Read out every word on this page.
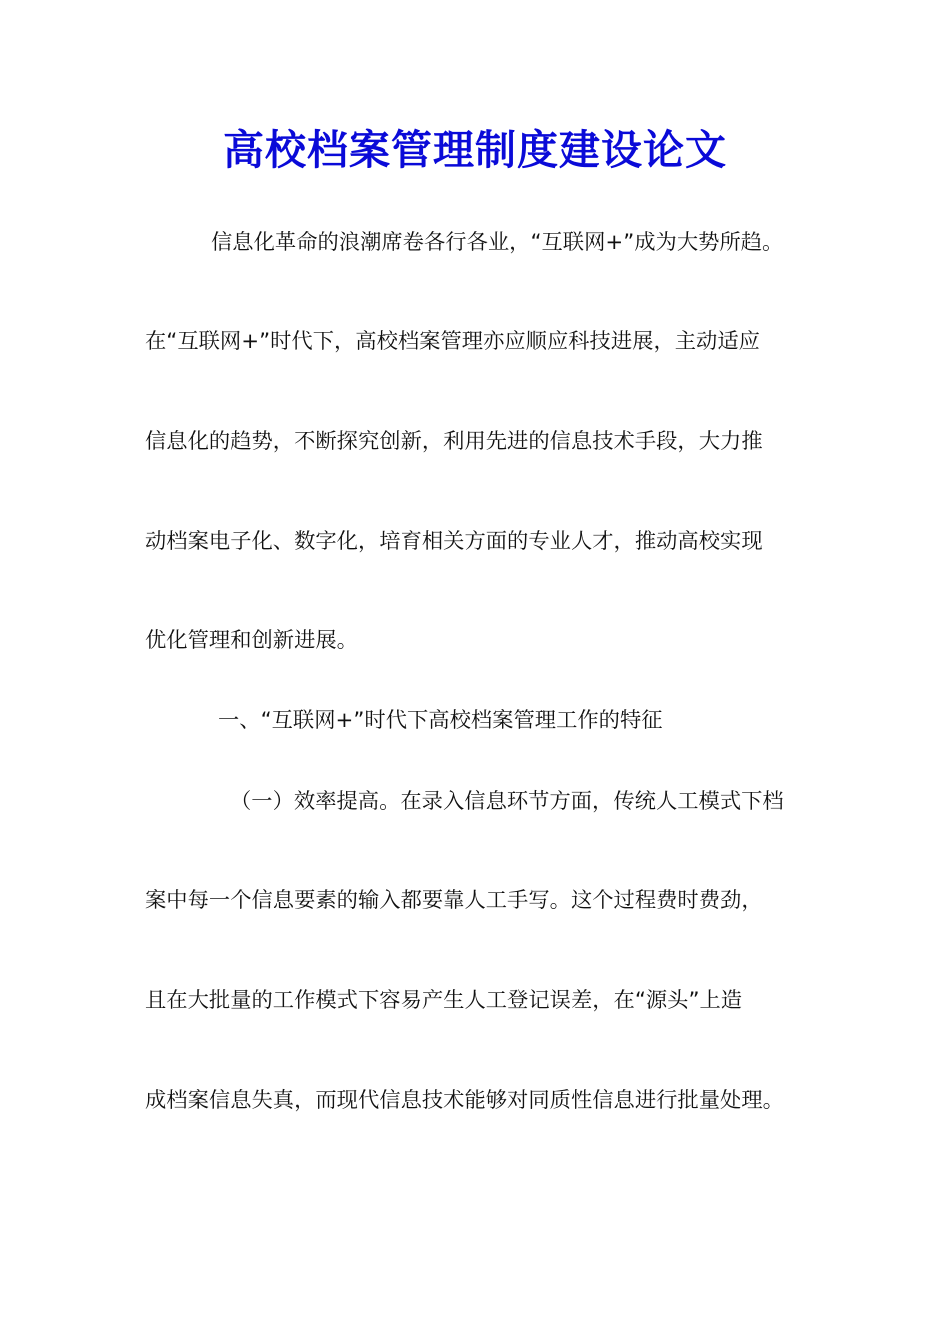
高校档案管理制度建设论文
信息化革命的浪潮席卷各行各业，“互联网+”成为大势所趋。
在“互联网+”时代下，高校档案管理亦应顺应科技进展，主动适应
信息化的趋势，不断探究创新，利用先进的信息技术手段，大力推
动档案电子化、数字化，培育相关方面的专业人才，推动高校实现
优化管理和创新进展。
一、“互联网+”时代下高校档案管理工作的特征
（一）效率提高。在录入信息环节方面，传统人工模式下档
案中每一个信息要素的输入都要靠人工手写。这个过程费时费劲，
且在大批量的工作模式下容易产生人工登记误差，在“源头”上造
成档案信息失真，而现代信息技术能够对同质性信息进行批量处理。
